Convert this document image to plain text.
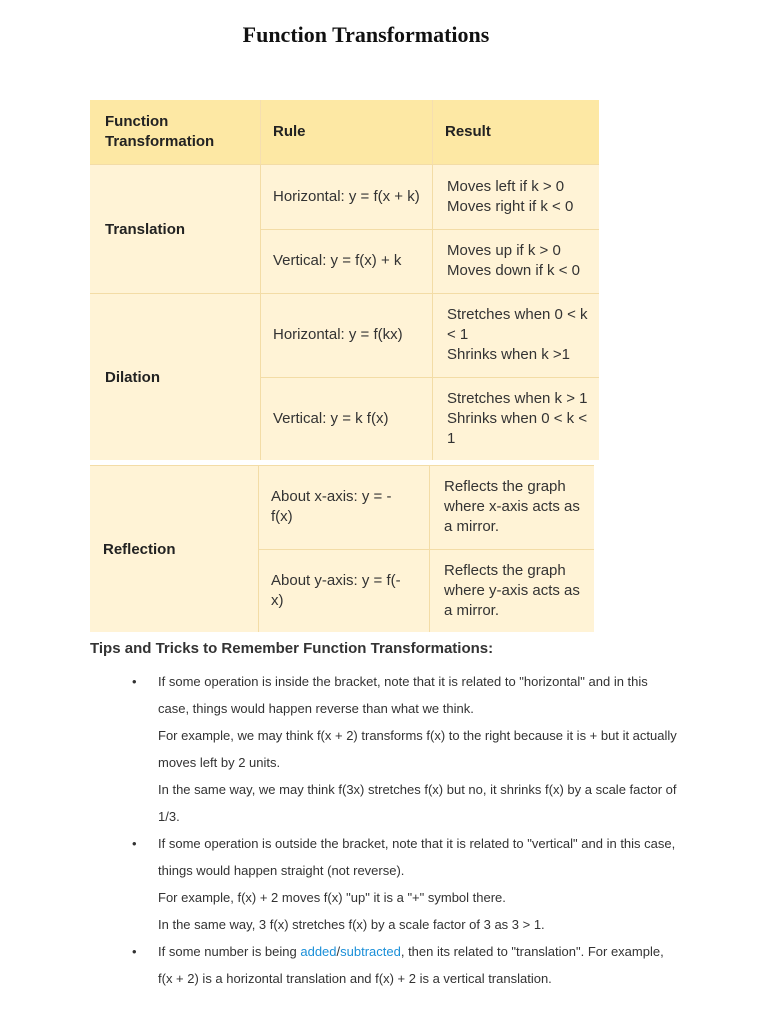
Function Transformations
Function
Transformation
Rule	Result
Translation
Horizontal: y = f(x + k)
Moves left if k > 0
Moves right if k < 0
Vertical: y = f(x) + k
Moves up if k > 0
Moves down if k < 0
Dilation
Horizontal: y = f(kx)
Stretches when 0 < k < 1
Shrinks when k >1
Vertical: y = k f(x)
Stretches when k > 1
Shrinks when 0 < k < 1
Reflection
About x-axis: y = - f(x)
Reflects the graph where x-axis acts as a mirror.
About y-axis: y = f(- x)
Reflects the graph where y-axis acts as a mirror.
Tips and Tricks to Remember Function Transformations:
• If some operation is inside the bracket, note that it is related to "horizontal" and in this case, things would happen reverse than what we think.

For example, we may think f(x + 2) transforms f(x) to the right because it is + but it actually moves left by 2 units.

In the same way, we may think f(3x) stretches f(x) but no, it shrinks f(x) by a scale factor of 1/3.

• If some operation is outside the bracket, note that it is related to "vertical" and in this case, things would happen straight (not reverse).

For example, f(x) + 2 moves f(x) "up" it is a "+" symbol there.

In the same way, 3 f(x) stretches f(x) by a scale factor of 3 as 3 > 1.

• If some number is being added/subtracted, then its related to "translation". For example, f(x + 2) is a horizontal translation and f(x) + 2 is a vertical translation.
